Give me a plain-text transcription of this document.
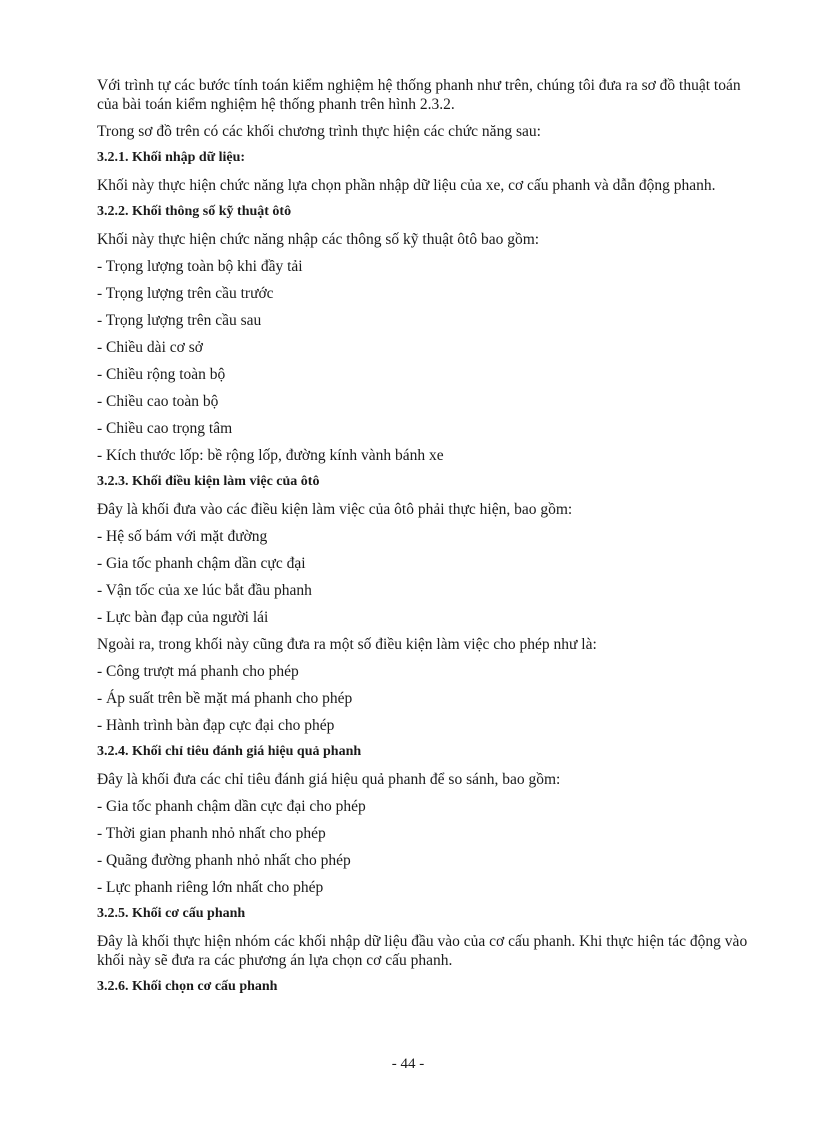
Với trình tự các bước tính toán kiểm nghiệm hệ thống phanh như trên, chúng tôi đưa ra sơ đồ thuật toán của bài toán kiểm nghiệm hệ thống phanh trên hình 2.3.2.

Trong sơ đồ trên có các khối chương trình thực hiện các chức năng sau:

3.2.1. Khối nhập dữ liệu:

Khối này thực hiện chức năng lựa chọn phần nhập dữ liệu của xe, cơ cấu phanh và dẫn động phanh.

3.2.2. Khối thông số kỹ thuật ôtô

Khối này thực hiện chức năng nhập các thông số kỹ thuật ôtô bao gồm:

- Trọng lượng toàn bộ khi đầy tải

- Trọng lượng trên cầu trước

- Trọng lượng trên cầu sau

- Chiều dài cơ sở

- Chiều rộng toàn bộ

- Chiều cao toàn bộ

- Chiều cao trọng tâm

- Kích thước lốp: bề rộng lốp, đường kính vành bánh xe

3.2.3. Khối điều kiện làm việc của ôtô

Đây là khối đưa vào các điều kiện làm việc của ôtô phải thực hiện, bao gồm:

- Hệ số bám với mặt đường

- Gia tốc phanh chậm dần cực đại

- Vận tốc của xe lúc bắt đầu phanh

- Lực bàn đạp của người lái

Ngoài ra, trong khối này cũng đưa ra một số điều kiện làm việc cho phép như là:

- Công trượt má phanh cho phép

- Áp suất trên bề mặt má phanh cho phép

- Hành trình bàn đạp cực đại cho phép

3.2.4. Khối chỉ tiêu đánh giá hiệu quả phanh

Đây là khối đưa các chỉ tiêu đánh giá hiệu quả phanh để so sánh, bao gồm:

- Gia tốc phanh chậm dần cực đại cho phép

- Thời gian phanh nhỏ nhất cho phép

- Quãng đường phanh nhỏ nhất cho phép

- Lực phanh riêng lớn nhất cho phép

3.2.5. Khối cơ cấu phanh

Đây là khối thực hiện nhóm các khối nhập dữ liệu đầu vào của cơ cấu phanh. Khi thực hiện tác động vào khối này sẽ đưa ra các phương án lựa chọn cơ cấu phanh.

3.2.6. Khối chọn cơ cấu phanh

- 44 -
